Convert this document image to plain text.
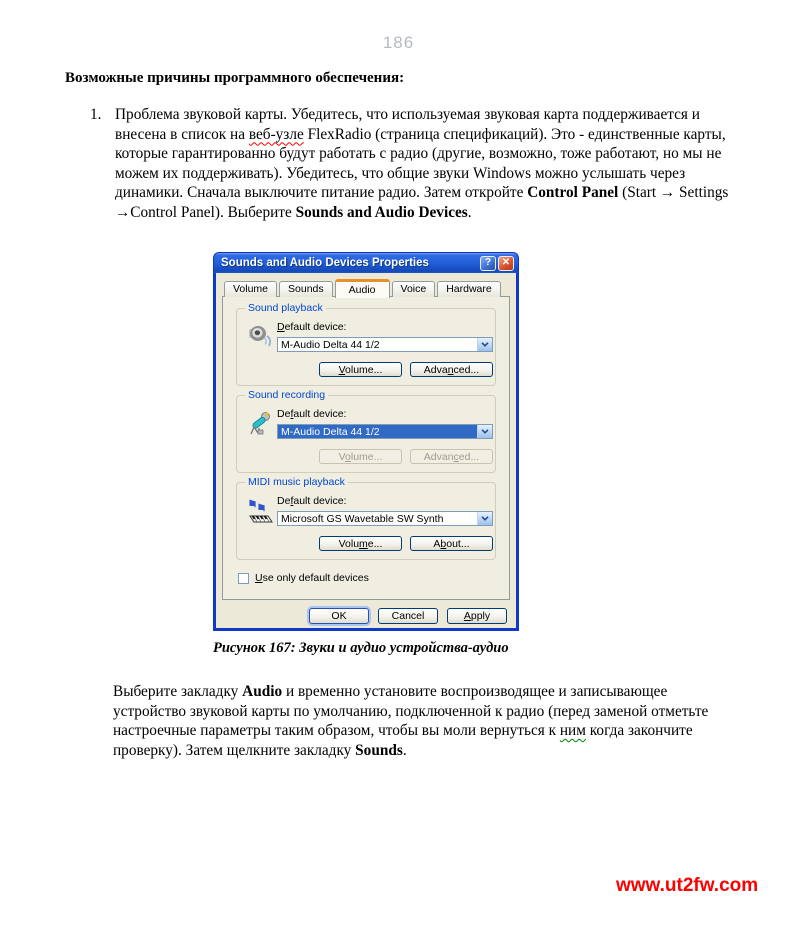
186
Возможные причины программного обеспечения:
1. Проблема звуковой карты. Убедитесь, что используемая звуковая карта поддерживается и внесена в список на веб-узле FlexRadio (страница спецификаций). Это - единственные карты, которые гарантированно будут работать с радио (другие, возможно, тоже работают, но мы не можем их поддерживать). Убедитесь, что общие звуки Windows можно услышать через динамики. Сначала выключите питание радио. Затем откройте Control Panel (Start → Settings →Control Panel). Выберите Sounds and Audio Devices.
Sounds and Audio Devices Properties	?	✕
Volume	Sounds	Audio	Voice	Hardware
Sound playback
Default device:
M-Audio Delta 44 1/2
Volume...	Advanced...
Sound recording
Default device:
M-Audio Delta 44 1/2
Volume...	Advanced...
MIDI music playback
Default device:
Microsoft GS Wavetable SW Synth
Volume...	About...
Use only default devices
OK	Cancel	Apply
Рисунок 167: Звуки и аудио устройства-аудио
Выберите закладку Audio и временно установите воспроизводящее и записывающее устройство звуковой карты по умолчанию, подключенной к радио (перед заменой отметьте настроечные параметры таким образом, чтобы вы моли вернуться к ним когда закончите проверку). Затем щелкните закладку Sounds.
www.ut2fw.com
